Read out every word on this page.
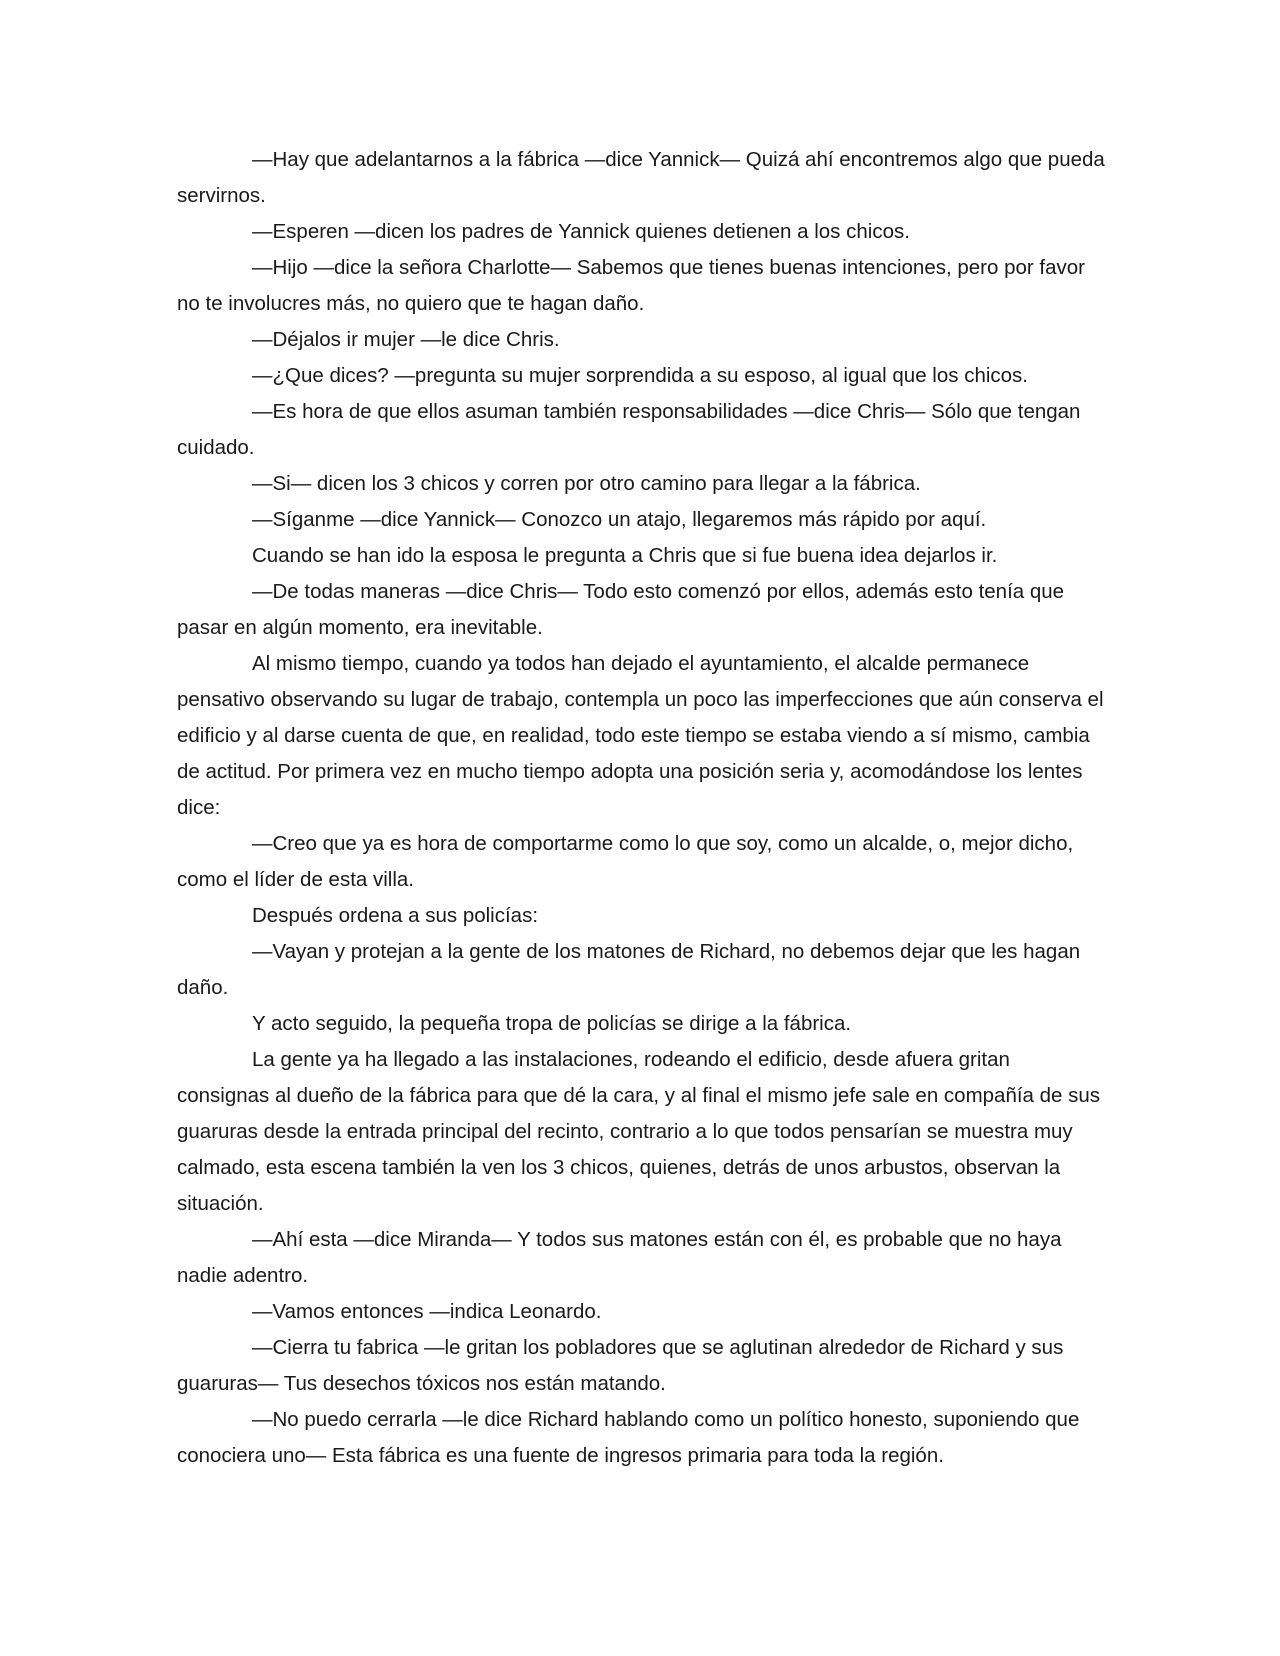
—Hay que adelantarnos a la fábrica —dice Yannick— Quizá ahí encontremos algo que pueda servirnos.

—Esperen —dicen los padres de Yannick quienes detienen a los chicos.

—Hijo —dice la señora Charlotte— Sabemos que tienes buenas intenciones, pero por favor no te involucres más, no quiero que te hagan daño.

—Déjalos ir mujer —le dice Chris.

—¿Que dices? —pregunta su mujer sorprendida a su esposo, al igual que los chicos.

—Es hora de que ellos asuman también responsabilidades —dice Chris— Sólo que tengan cuidado.

—Si— dicen los 3 chicos y corren por otro camino para llegar a la fábrica.

—Síganme —dice Yannick— Conozco un atajo, llegaremos más rápido por aquí.

Cuando se han ido la esposa le pregunta a Chris que si fue buena idea dejarlos ir.

—De todas maneras —dice Chris— Todo esto comenzó por ellos, además esto tenía que pasar en algún momento, era inevitable.

Al mismo tiempo, cuando ya todos han dejado el ayuntamiento, el alcalde permanece pensativo observando su lugar de trabajo, contempla un poco las imperfecciones que aún conserva el edificio y al darse cuenta de que, en realidad, todo este tiempo se estaba viendo a sí mismo, cambia de actitud. Por primera vez en mucho tiempo adopta una posición seria y, acomodándose los lentes dice:

—Creo que ya es hora de comportarme como lo que soy, como un alcalde, o, mejor dicho, como el líder de esta villa.

Después ordena a sus policías:

—Vayan y protejan a la gente de los matones de Richard, no debemos dejar que les hagan daño.

Y acto seguido, la pequeña tropa de policías se dirige a la fábrica.

La gente ya ha llegado a las instalaciones, rodeando el edificio, desde afuera gritan consignas al dueño de la fábrica para que dé la cara, y al final el mismo jefe sale en compañía de sus guaruras desde la entrada principal del recinto, contrario a lo que todos pensarían se muestra muy calmado, esta escena también la ven los 3 chicos, quienes, detrás de unos arbustos, observan la situación.

—Ahí esta —dice Miranda— Y todos sus matones están con él, es probable que no haya nadie adentro.

—Vamos entonces —indica Leonardo.

—Cierra tu fabrica —le gritan los pobladores que se aglutinan alrededor de Richard y sus guaruras— Tus desechos tóxicos nos están matando.

—No puedo cerrarla —le dice Richard hablando como un político honesto, suponiendo que conociera uno— Esta fábrica es una fuente de ingresos primaria para toda la región.
